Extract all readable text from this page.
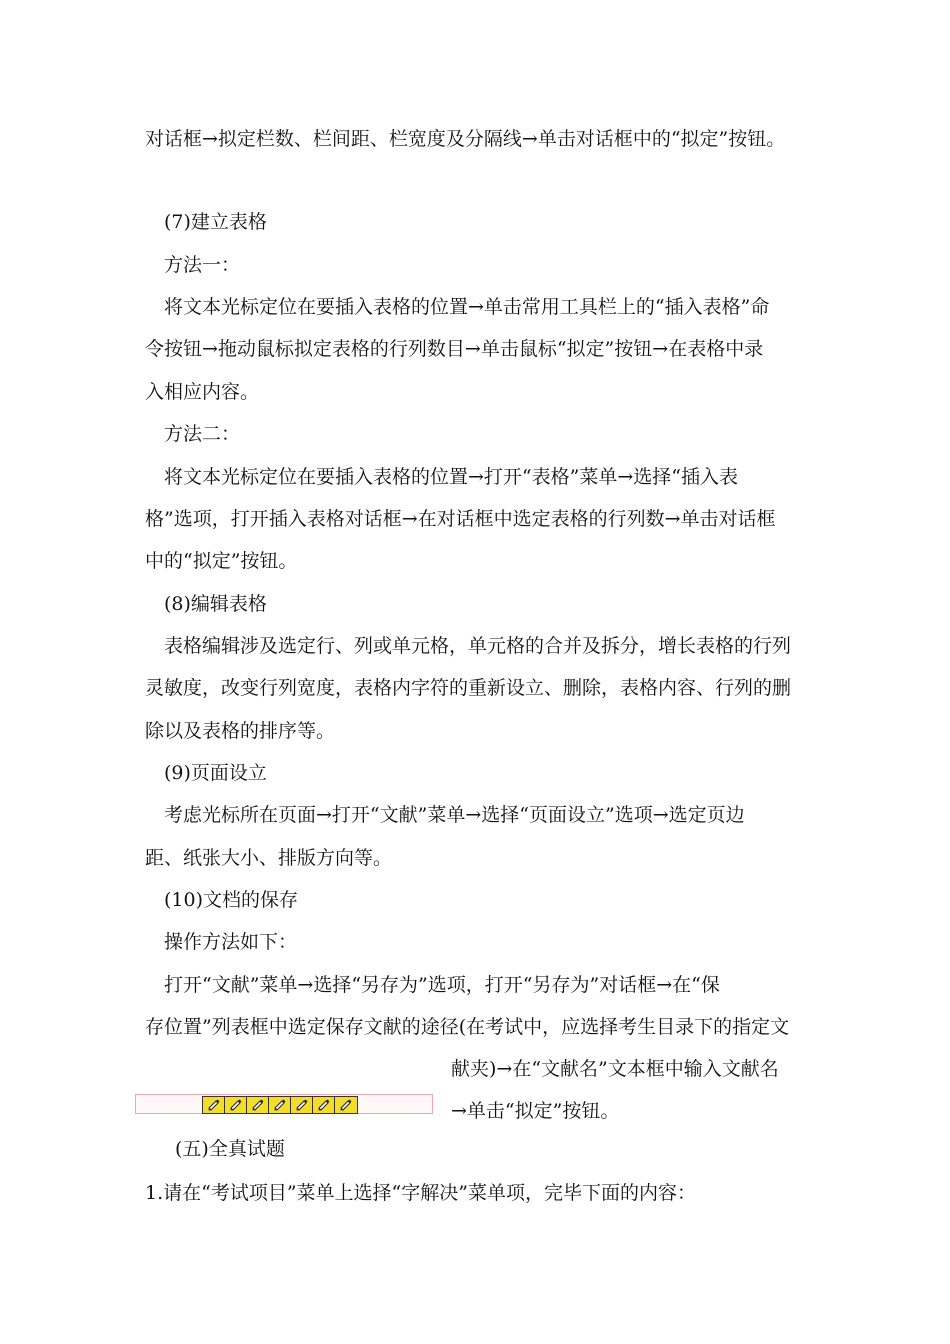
对话框→拟定栏数、栏间距、栏宽度及分隔线→单击对话框中的“拟定”按钮。
(7)建立表格
方法一：
将文本光标定位在要插入表格的位置→单击常用工具栏上的“插入表格”命
令按钮→拖动鼠标拟定表格的行列数目→单击鼠标“拟定”按钮→在表格中录
入相应内容。
方法二：
将文本光标定位在要插入表格的位置→打开“表格”菜单→选择“插入表
格”选项，打开插入表格对话框→在对话框中选定表格的行列数→单击对话框
中的“拟定”按钮。
(8)编辑表格
表格编辑涉及选定行、列或单元格，单元格的合并及拆分，增长表格的行列
灵敏度，改变行列宽度，表格内字符的重新设立、删除，表格内容、行列的删
除以及表格的排序等。
(9)页面设立
考虑光标所在页面→打开“文献”菜单→选择“页面设立”选项→选定页边
距、纸张大小、排版方向等。
(10)文档的保存
操作方法如下：
打开“文献”菜单→选择“另存为”选项，打开“另存为”对话框→在“保
存位置”列表框中选定保存文献的途径(在考试中，应选择考生目录下的指定文
献夹)→在“文献名”文本框中输入文献名
→单击“拟定”按钮。
(五)全真试题
1.请在“考试项目”菜单上选择“字解决”菜单项，完毕下面的内容：
